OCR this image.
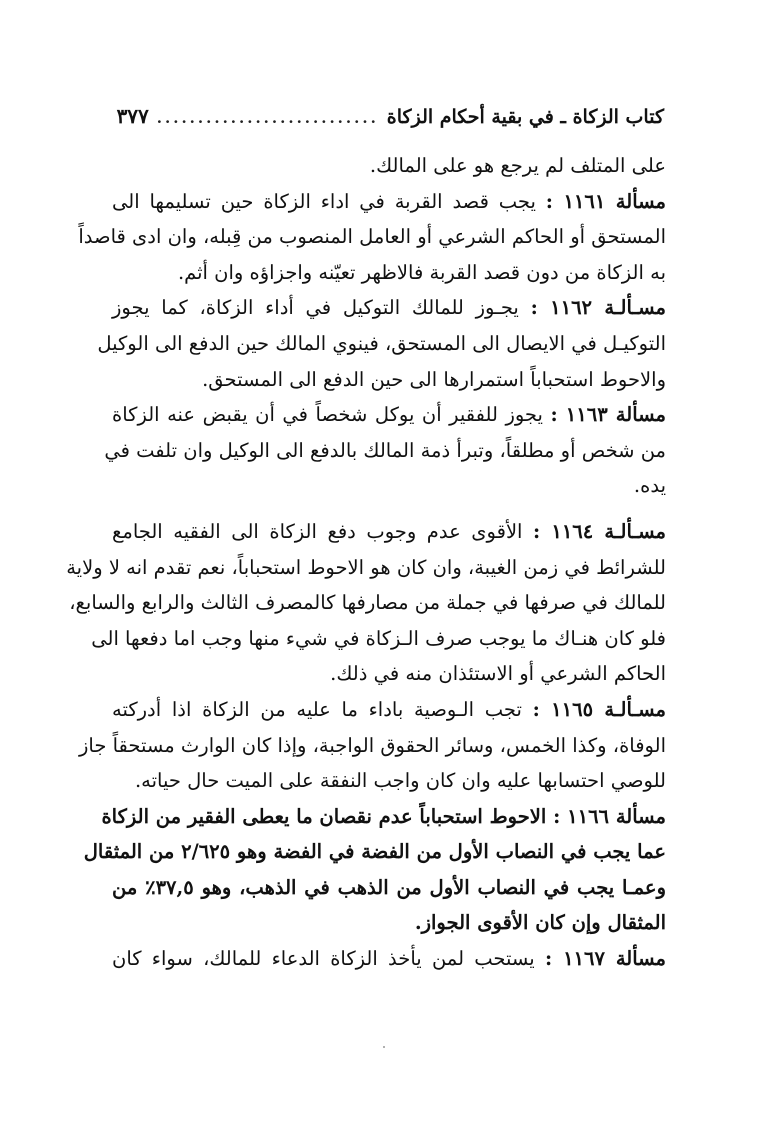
كتاب الزكاة ـ في بقية أحكام الزكاة
...........................
٣٧٧
على المتلف لم يرجع هو على المالك.
مسألة ١١٦١ : يجب قصد القربة في اداء الزكاة حين تسليمها الى
المستحق أو الحاكم الشرعي أو العامل المنصوب من قِبله، وان ادى قاصداً
به الزكاة من دون قصد القربة فالاظهر تعيّنه واجزاؤه وان أثم.
مسـألـة ١١٦٢ : يجـوز للمالك التوكيل في أداء الزكاة، كما يجوز
التوكيـل في الايصال الى المستحق، فينوي المالك حين الدفع الى الوكيل
والاحوط استحباباً استمرارها الى حين الدفع الى المستحق.
مسألة ١١٦٣ : يجوز للفقير أن يوكل شخصاً في أن يقبض عنه الزكاة
من شخص أو مطلقاً، وتبرأ ذمة المالك بالدفع الى الوكيل وان تلفت في
يده.
مسـألـة ١١٦٤ : الأقوى عدم وجوب دفع الزكاة الى الفقيه الجامع
للشرائط في زمن الغيبة، وان كان هو الاحوط استحباباً، نعم تقدم انه لا ولاية
للمالك في صرفها في جملة من مصارفها كالمصرف الثالث والرابع والسابع،
فلو كان هنـاك ما يوجب صرف الـزكاة في شيء منها وجب اما دفعها الى
الحاكم الشرعي أو الاستئذان منه في ذلك.
مسـألـة ١١٦٥ : تجب الـوصية باداء ما عليه من الزكاة اذا أدركته
الوفاة، وكذا الخمس، وسائر الحقوق الواجبة، وإذا كان الوارث مستحقاً جاز
للوصي احتسابها عليه وان كان واجب النفقة على الميت حال حياته.
مسألة ١١٦٦ : الاحوط استحباباً عدم نقصان ما يعطى الفقير من الزكاة
عما يجب في النصاب الأول من الفضة في الفضة وهو ٢/٦٢٥ من المثقال
وعمـا يجب في النصاب الأول من الذهب في الذهب، وهو ٣٧,٥٪ من
المثقال وإن كان الأقوى الجواز.
مسألة ١١٦٧ : يستحب لمن يأخذ الزكاة الدعاء للمالك، سواء كان
